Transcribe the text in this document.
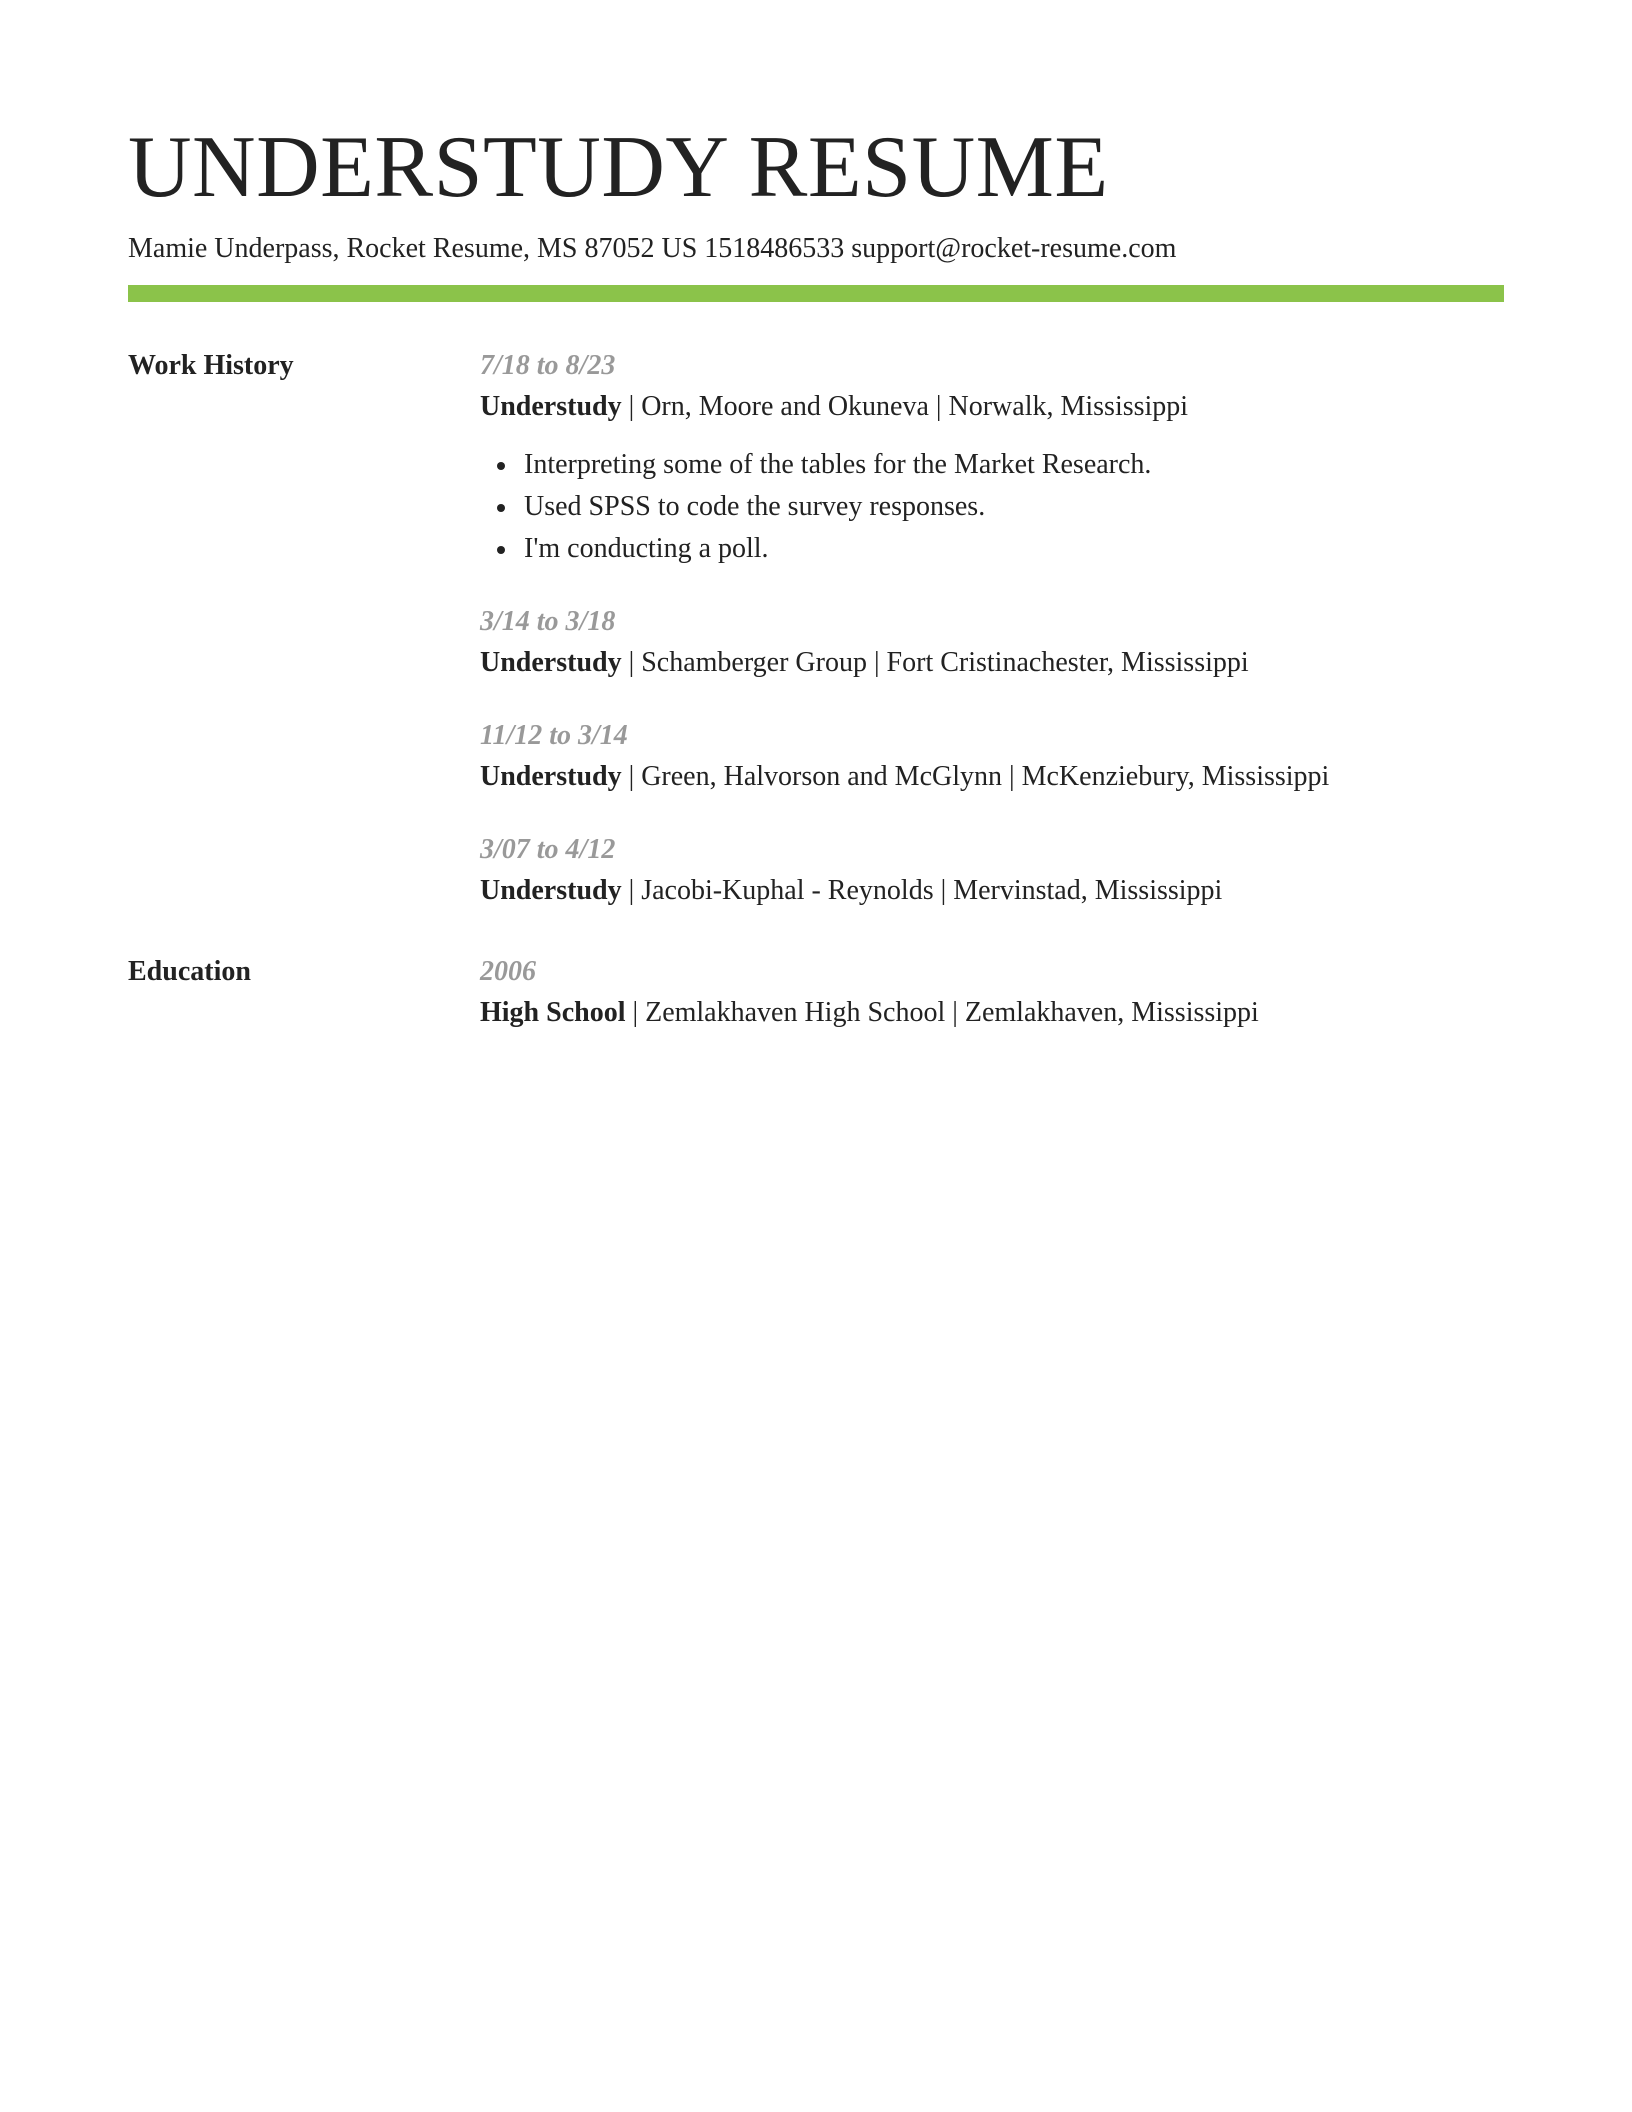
UNDERSTUDY RESUME
Mamie Underpass, Rocket Resume, MS 87052 US 1518486533 support@rocket-resume.com
Work History	7/18 to 8/23
Understudy | Orn, Moore and Okuneva | Norwalk, Mississippi
Interpreting some of the tables for the Market Research.
Used SPSS to code the survey responses.
I'm conducting a poll.
3/14 to 3/18
Understudy | Schamberger Group | Fort Cristinachester, Mississippi
11/12 to 3/14
Understudy | Green, Halvorson and McGlynn | McKenziebury, Mississippi
3/07 to 4/12
Understudy | Jacobi-Kuphal - Reynolds | Mervinstad, Mississippi
Education	2006
High School | Zemlakhaven High School | Zemlakhaven, Mississippi
